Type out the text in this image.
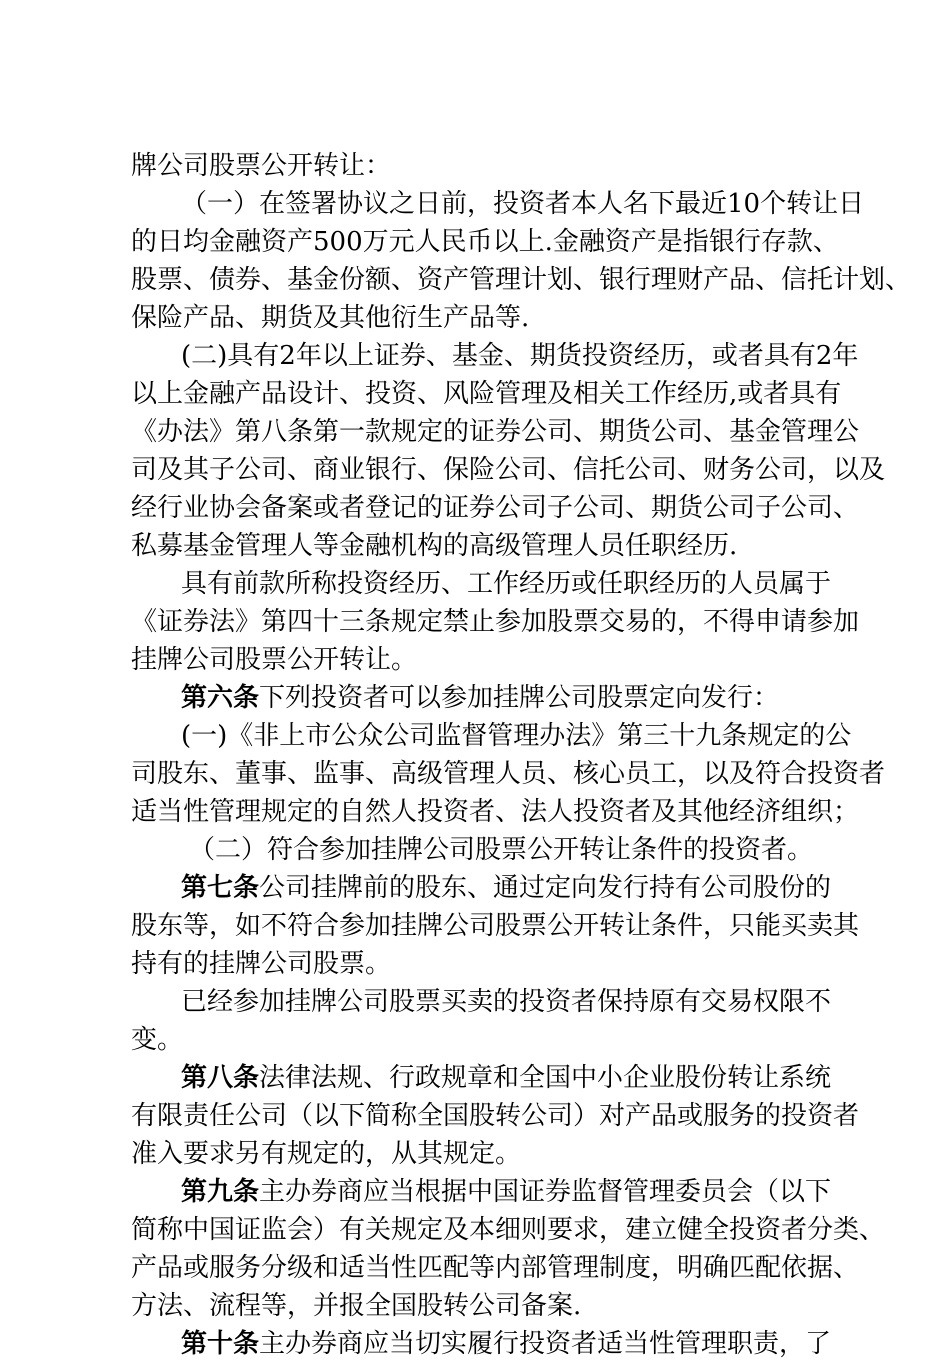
牌公司股票公开转让：
（一）在签署协议之日前，投资者本人名下最近10个转让日
的日均金融资产500万元人民币以上.金融资产是指银行存款、
股票、债券、基金份额、资产管理计划、银行理财产品、信托计划、
保险产品、期货及其他衍生产品等.
(二)具有2年以上证券、基金、期货投资经历，或者具有2年
以上金融产品设计、投资、风险管理及相关工作经历,或者具有
《办法》第八条第一款规定的证券公司、期货公司、基金管理公
司及其子公司、商业银行、保险公司、信托公司、财务公司，以及
经行业协会备案或者登记的证券公司子公司、期货公司子公司、
私募基金管理人等金融机构的高级管理人员任职经历.
具有前款所称投资经历、工作经历或任职经历的人员属于
《证券法》第四十三条规定禁止参加股票交易的，不得申请参加
挂牌公司股票公开转让。
第六条下列投资者可以参加挂牌公司股票定向发行：
(一)《非上市公众公司监督管理办法》第三十九条规定的公
司股东、董事、监事、高级管理人员、核心员工，以及符合投资者
适当性管理规定的自然人投资者、法人投资者及其他经济组织；
（二）符合参加挂牌公司股票公开转让条件的投资者。
第七条公司挂牌前的股东、通过定向发行持有公司股份的
股东等，如不符合参加挂牌公司股票公开转让条件，只能买卖其
持有的挂牌公司股票。
已经参加挂牌公司股票买卖的投资者保持原有交易权限不
变。
第八条法律法规、行政规章和全国中小企业股份转让系统
有限责任公司（以下简称全国股转公司）对产品或服务的投资者
准入要求另有规定的，从其规定。
第九条主办券商应当根据中国证券监督管理委员会（以下
简称中国证监会）有关规定及本细则要求，建立健全投资者分类、
产品或服务分级和适当性匹配等内部管理制度，明确匹配依据、
方法、流程等，并报全国股转公司备案.
第十条主办券商应当切实履行投资者适当性管理职责，了
